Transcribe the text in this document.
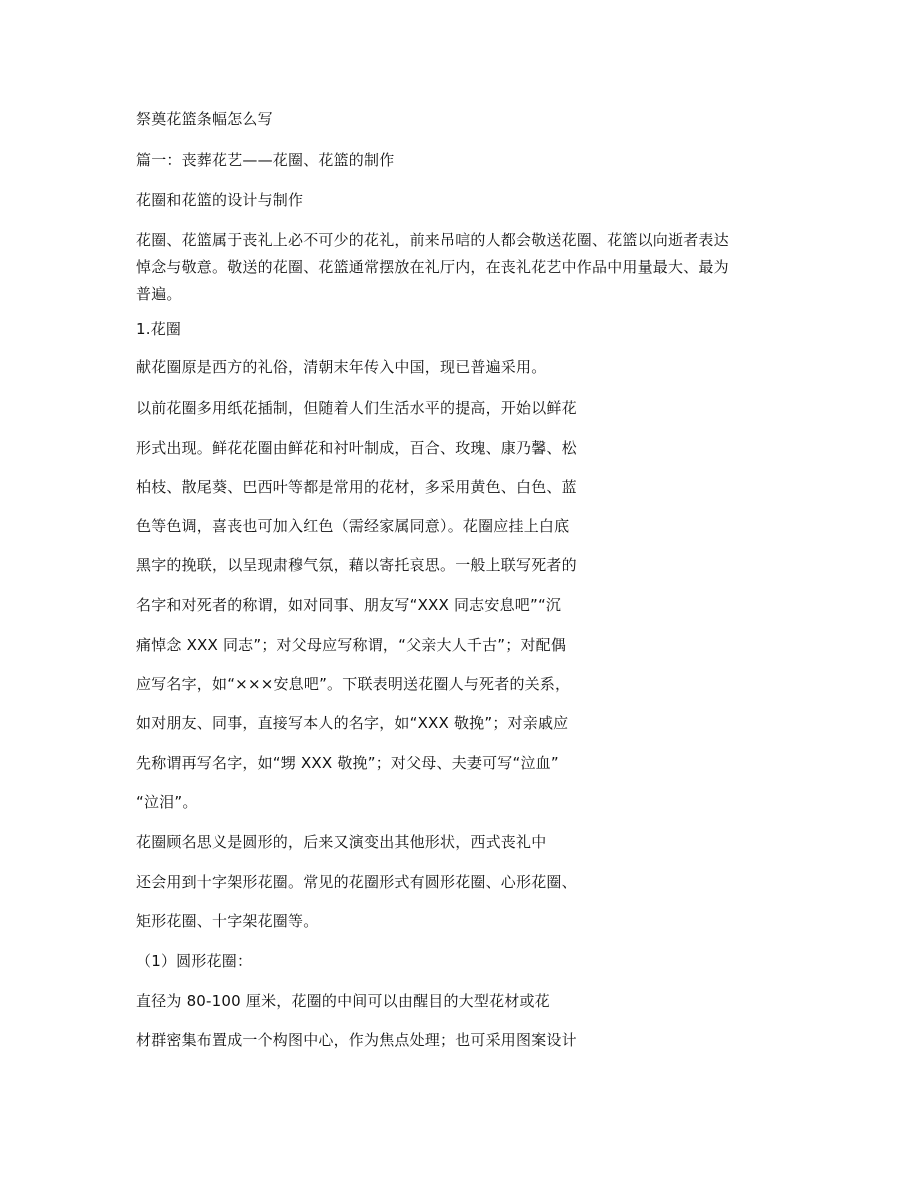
祭奠花篮条幅怎么写
篇一：丧葬花艺——花圈、花篮的制作
花圈和花篮的设计与制作
花圈、花篮属于丧礼上必不可少的花礼，前来吊唁的人都会敬送花圈、花篮以向逝者表达
悼念与敬意。敬送的花圈、花篮通常摆放在礼厅内，在丧礼花艺中作品中用量最大、最为
普遍。
1.花圈
献花圈原是西方的礼俗，清朝末年传入中国，现已普遍采用。
以前花圈多用纸花插制，但随着人们生活水平的提高，开始以鲜花
形式出现。鲜花花圈由鲜花和衬叶制成，百合、玫瑰、康乃馨、松
柏枝、散尾葵、巴西叶等都是常用的花材，多采用黄色、白色、蓝
色等色调，喜丧也可加入红色（需经家属同意）。花圈应挂上白底
黑字的挽联，以呈现肃穆气氛，藉以寄托哀思。一般上联写死者的
名字和对死者的称谓，如对同事、朋友写“XXX 同志安息吧”“沉
痛悼念 XXX 同志”；对父母应写称谓，“父亲大人千古”；对配偶
应写名字，如“×××安息吧”。下联表明送花圈人与死者的关系，
如对朋友、同事，直接写本人的名字，如“XXX 敬挽”；对亲戚应
先称谓再写名字，如“甥 XXX 敬挽”；对父母、夫妻可写“泣血”
“泣泪”。
花圈顾名思义是圆形的，后来又演变出其他形状，西式丧礼中
还会用到十字架形花圈。常见的花圈形式有圆形花圈、心形花圈、
矩形花圈、十字架花圈等。
（1）圆形花圈：
直径为 80-100 厘米，花圈的中间可以由醒目的大型花材或花
材群密集布置成一个构图中心，作为焦点处理；也可采用图案设计
